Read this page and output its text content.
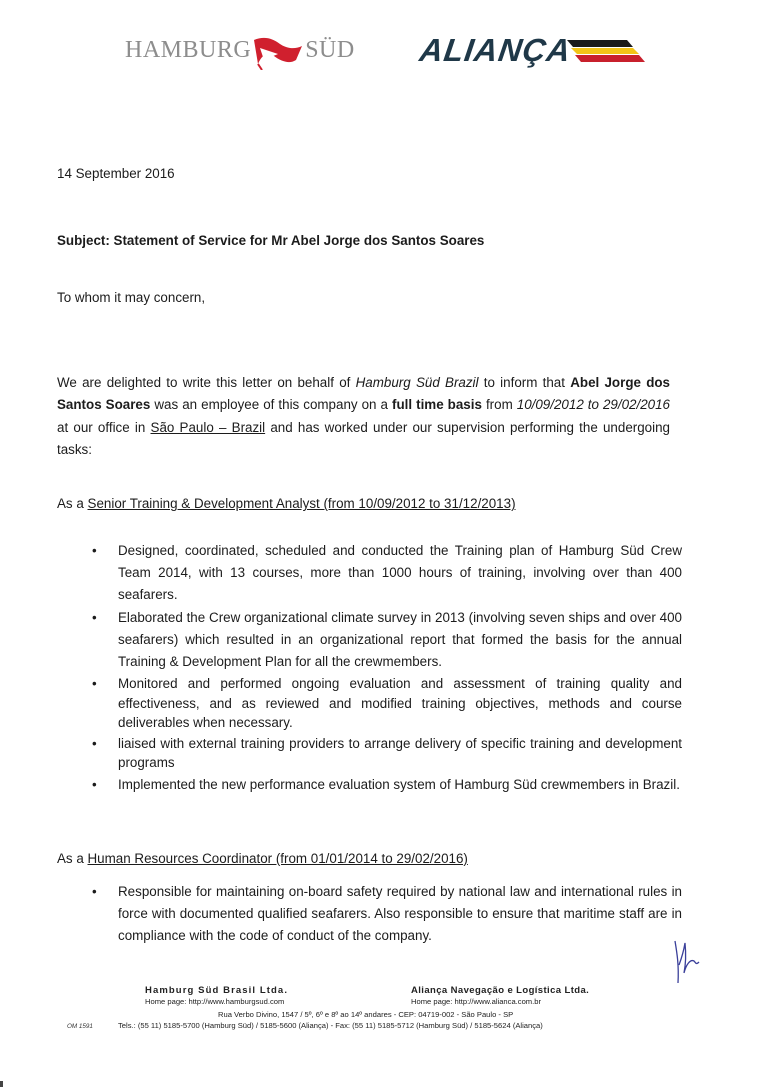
HAMBURG SÜD ALIANÇA
14 September 2016
Subject: Statement of Service for Mr Abel Jorge dos Santos Soares
To whom it may concern,
We are delighted to write this letter on behalf of Hamburg Süd Brazil to inform that Abel Jorge dos Santos Soares was an employee of this company on a full time basis from 10/09/2012 to 29/02/2016 at our office in São Paulo – Brazil and has worked under our supervision performing the undergoing tasks:
As a Senior Training & Development Analyst (from 10/09/2012 to 31/12/2013)
• Designed, coordinated, scheduled and conducted the Training plan of Hamburg Süd Crew Team 2014, with 13 courses, more than 1000 hours of training, involving over than 400 seafarers.
• Elaborated the Crew organizational climate survey in 2013 (involving seven ships and over 400 seafarers) which resulted in an organizational report that formed the basis for the annual Training & Development Plan for all the crewmembers.
• Monitored and performed ongoing evaluation and assessment of training quality and effectiveness, and as reviewed and modified training objectives, methods and course deliverables when necessary.
• liaised with external training providers to arrange delivery of specific training and development programs
• Implemented the new performance evaluation system of Hamburg Süd crewmembers in Brazil.
As a Human Resources Coordinator (from 01/01/2014 to 29/02/2016)
• Responsible for maintaining on-board safety required by national law and international rules in force with documented qualified seafarers. Also responsible to ensure that maritime staff are in compliance with the code of conduct of the company.
Hamburg Süd Brasil Ltda.
Home page: http://www.hamburgsud.com
Aliança Navegação e Logística Ltda.
Home page: http://www.alianca.com.br
Rua Verbo Divino, 1547 / 5º, 6º e 8º ao 14º andares - CEP: 04719-002 - São Paulo - SP
OM 1591	Tels.: (55 11) 5185-5700 (Hamburg Süd) / 5185-5600 (Aliança) - Fax: (55 11) 5185-5712 (Hamburg Süd) / 5185-5624 (Aliança)
